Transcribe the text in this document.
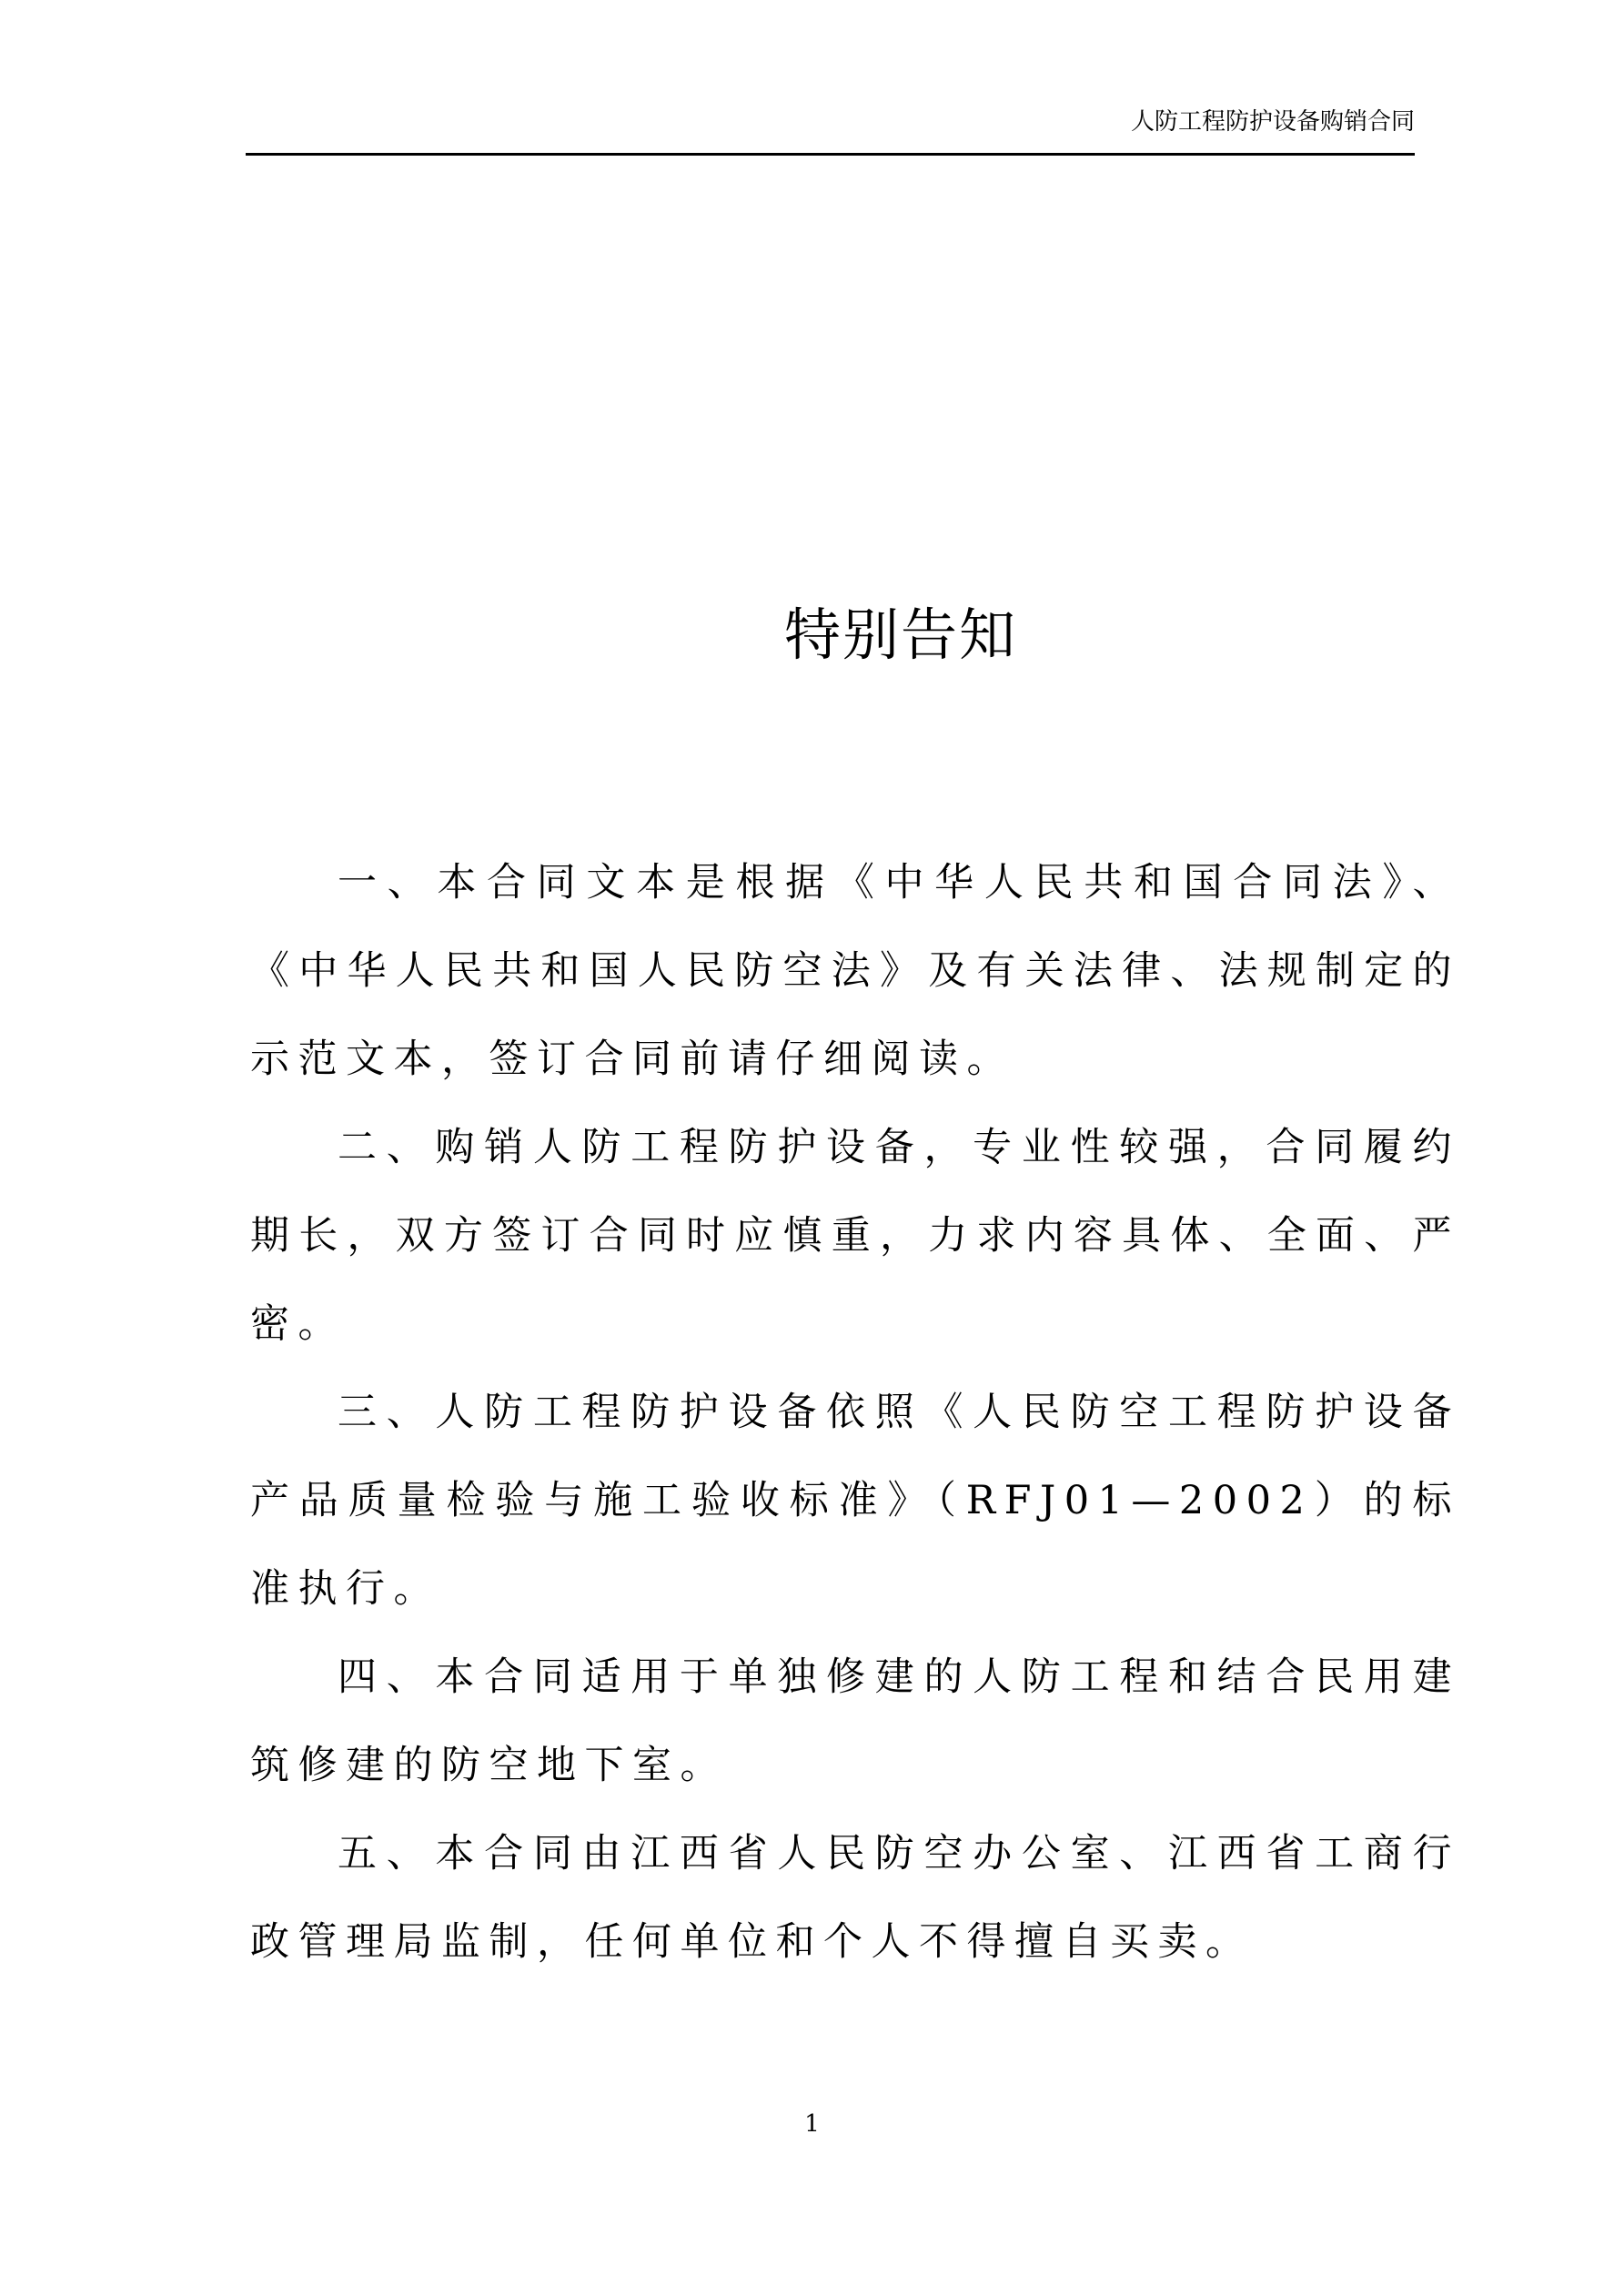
人防工程防护设备购销合同
特别告知

一、本合同文本是根据《中华人民共和国合同法》、《中华人民共和国人民防空法》及有关法律、法规制定的示范文本，签订合同前请仔细阅读。

二、购销人防工程防护设备，专业性较强，合同履约期长，双方签订合同时应慎重，力求内容具体、全面、严密。

三、人防工程防护设备依照《人民防空工程防护设备产品质量检验与施工验收标准》（RFJ01—2002）的标准执行。

四、本合同适用于单独修建的人防工程和结合民用建筑修建的防空地下室。

五、本合同由江西省人民防空办公室、江西省工商行政管理局监制，任何单位和个人不得擅自买卖。

1
